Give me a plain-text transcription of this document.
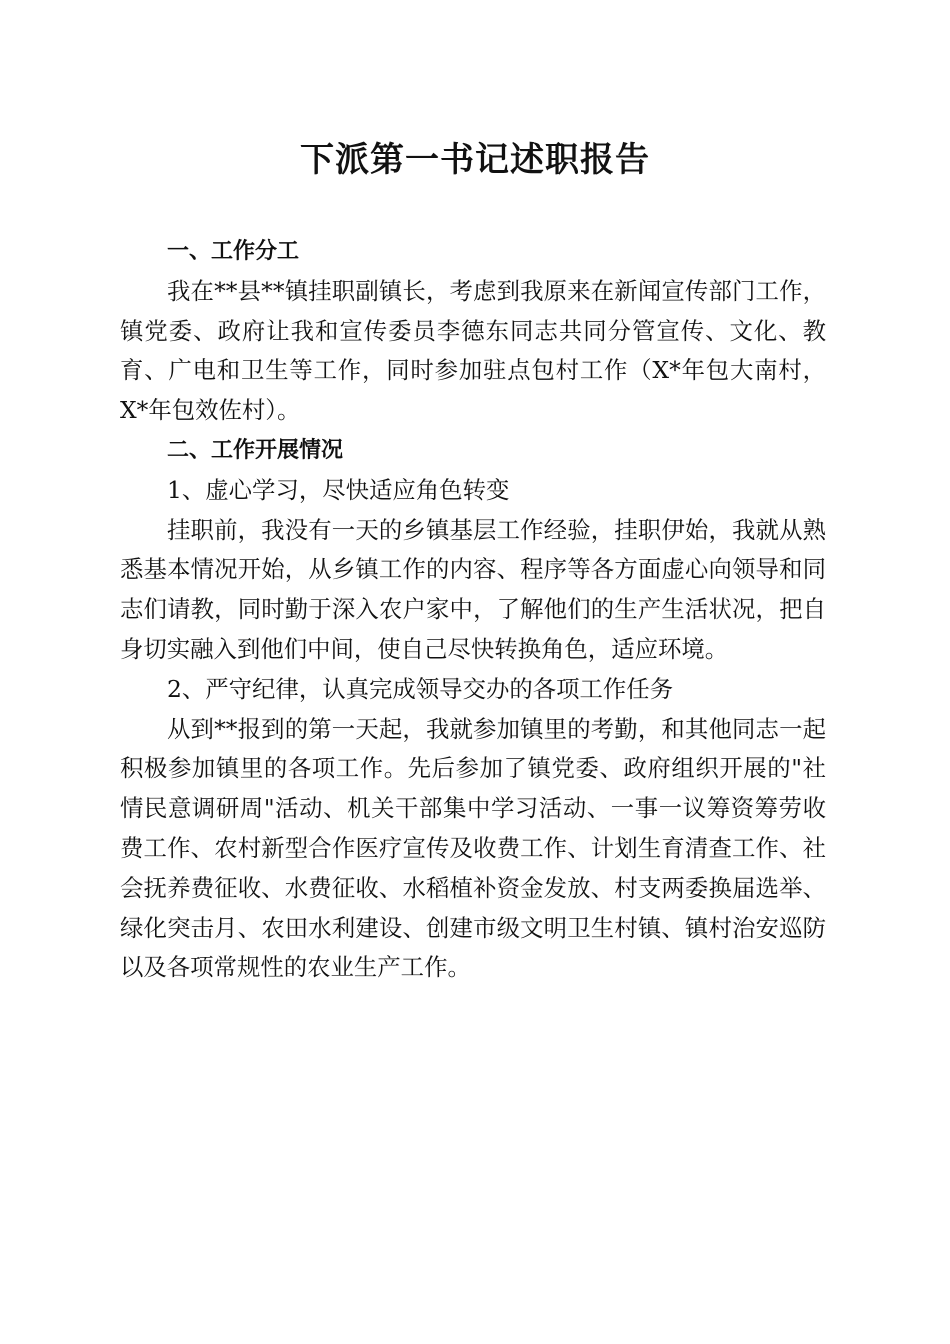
下派第一书记述职报告

一、工作分工

我在**县**镇挂职副镇长，考虑到我原来在新闻宣传部门工作，镇党委、政府让我和宣传委员李德东同志共同分管宣传、文化、教育、广电和卫生等工作，同时参加驻点包村工作（X*年包大南村，X*年包效佐村）。

二、工作开展情况

1、虚心学习，尽快适应角色转变

挂职前，我没有一天的乡镇基层工作经验，挂职伊始，我就从熟悉基本情况开始，从乡镇工作的内容、程序等各方面虚心向领导和同志们请教，同时勤于深入农户家中，了解他们的生产生活状况，把自身切实融入到他们中间，使自己尽快转换角色，适应环境。

2、严守纪律，认真完成领导交办的各项工作任务

从到**报到的第一天起，我就参加镇里的考勤，和其他同志一起积极参加镇里的各项工作。先后参加了镇党委、政府组织开展的"社情民意调研周"活动、机关干部集中学习活动、一事一议筹资筹劳收费工作、农村新型合作医疗宣传及收费工作、计划生育清查工作、社会抚养费征收、水费征收、水稻植补资金发放、村支两委换届选举、绿化突击月、农田水利建设、创建市级文明卫生村镇、镇村治安巡防以及各项常规性的农业生产工作。
